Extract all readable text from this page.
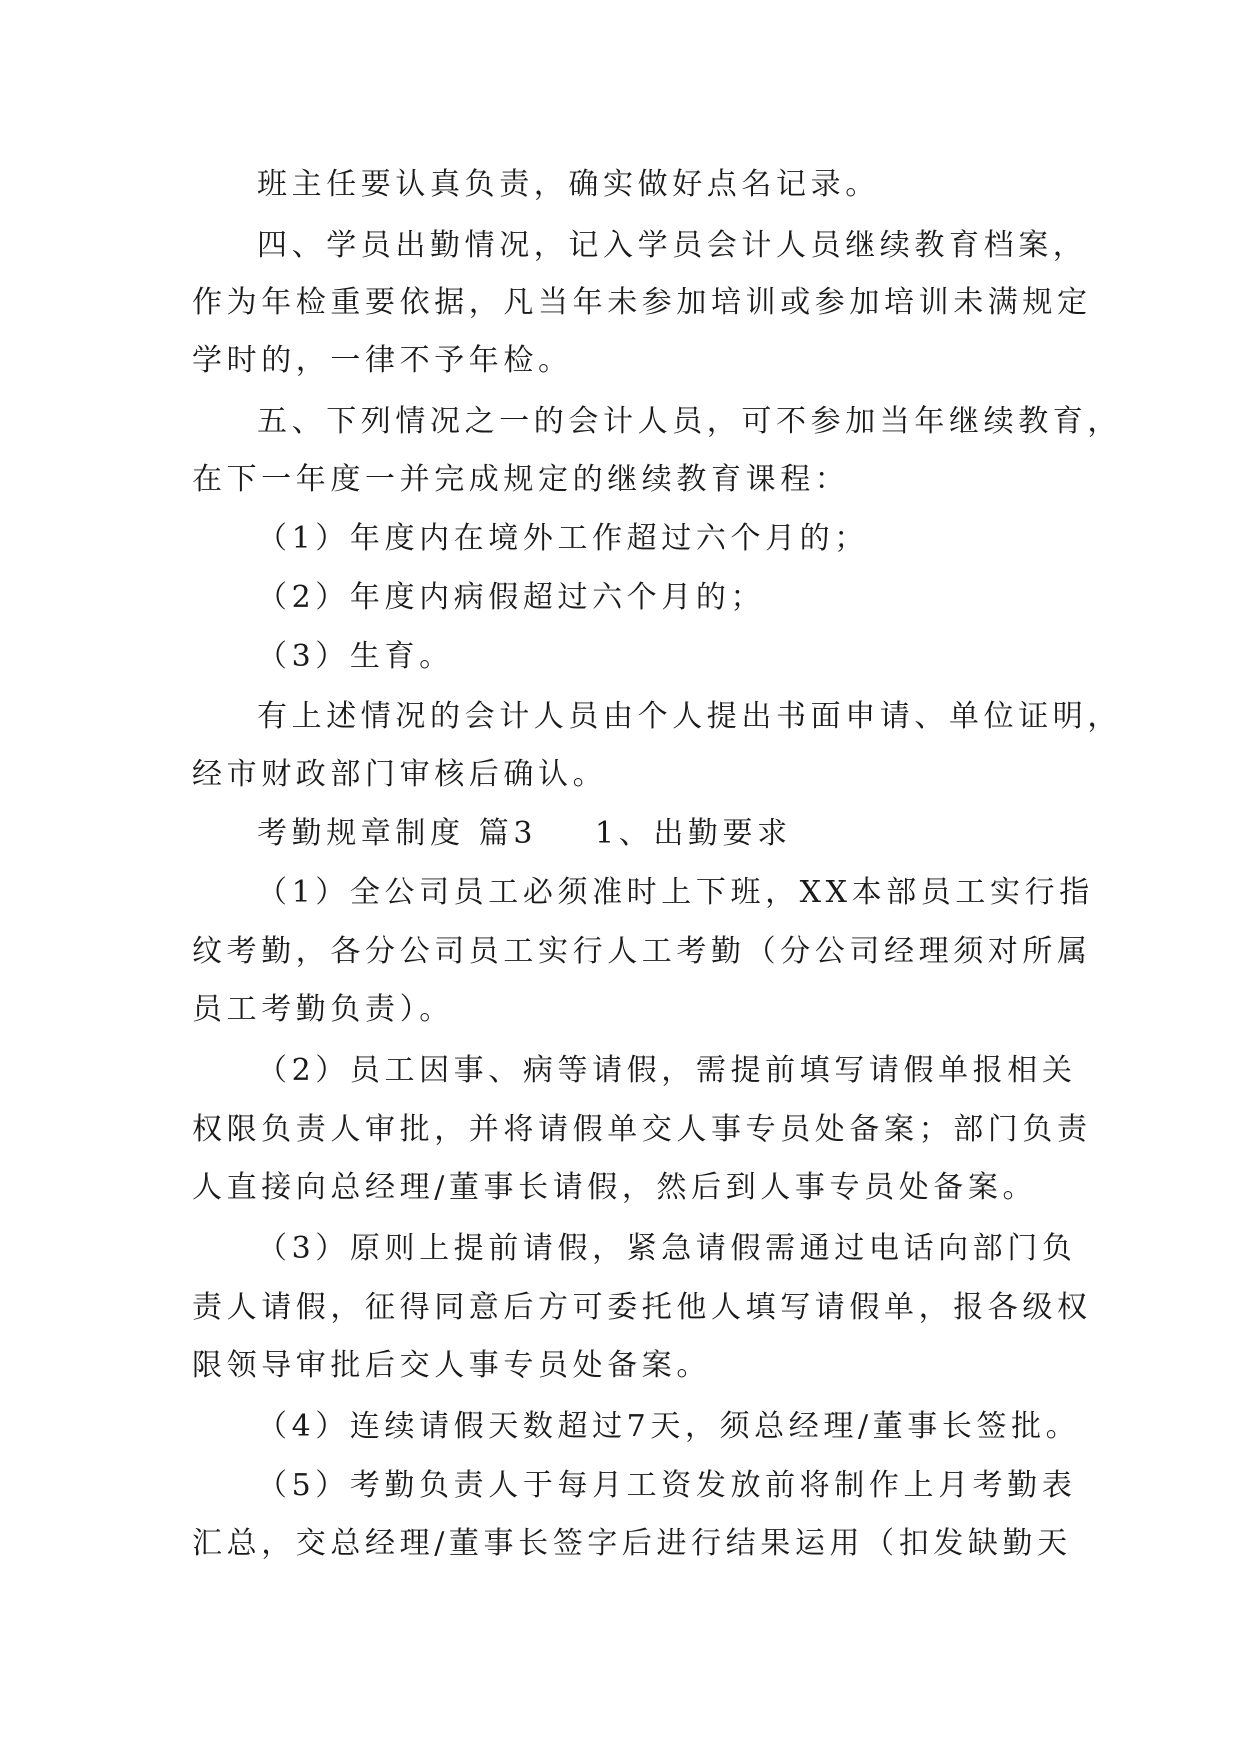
班主任要认真负责，确实做好点名记录。
四、学员出勤情况，记入学员会计人员继续教育档案，
作为年检重要依据，凡当年未参加培训或参加培训未满规定
学时的，一律不予年检。
五、下列情况之一的会计人员，可不参加当年继续教育，
在下一年度一并完成规定的继续教育课程：
（1）年度内在境外工作超过六个月的；
（2）年度内病假超过六个月的；
（3）生育。
有上述情况的会计人员由个人提出书面申请、单位证明，
经市财政部门审核后确认。
考勤规章制度 篇3 1、出勤要求
（1）全公司员工必须准时上下班，XX本部员工实行指
纹考勤，各分公司员工实行人工考勤（分公司经理须对所属
员工考勤负责）。
（2）员工因事、病等请假，需提前填写请假单报相关
权限负责人审批，并将请假单交人事专员处备案；部门负责
人直接向总经理/董事长请假，然后到人事专员处备案。
（3）原则上提前请假，紧急请假需通过电话向部门负
责人请假，征得同意后方可委托他人填写请假单，报各级权
限领导审批后交人事专员处备案。
（4）连续请假天数超过7天，须总经理/董事长签批。
（5）考勤负责人于每月工资发放前将制作上月考勤表
汇总，交总经理/董事长签字后进行结果运用（扣发缺勤天
